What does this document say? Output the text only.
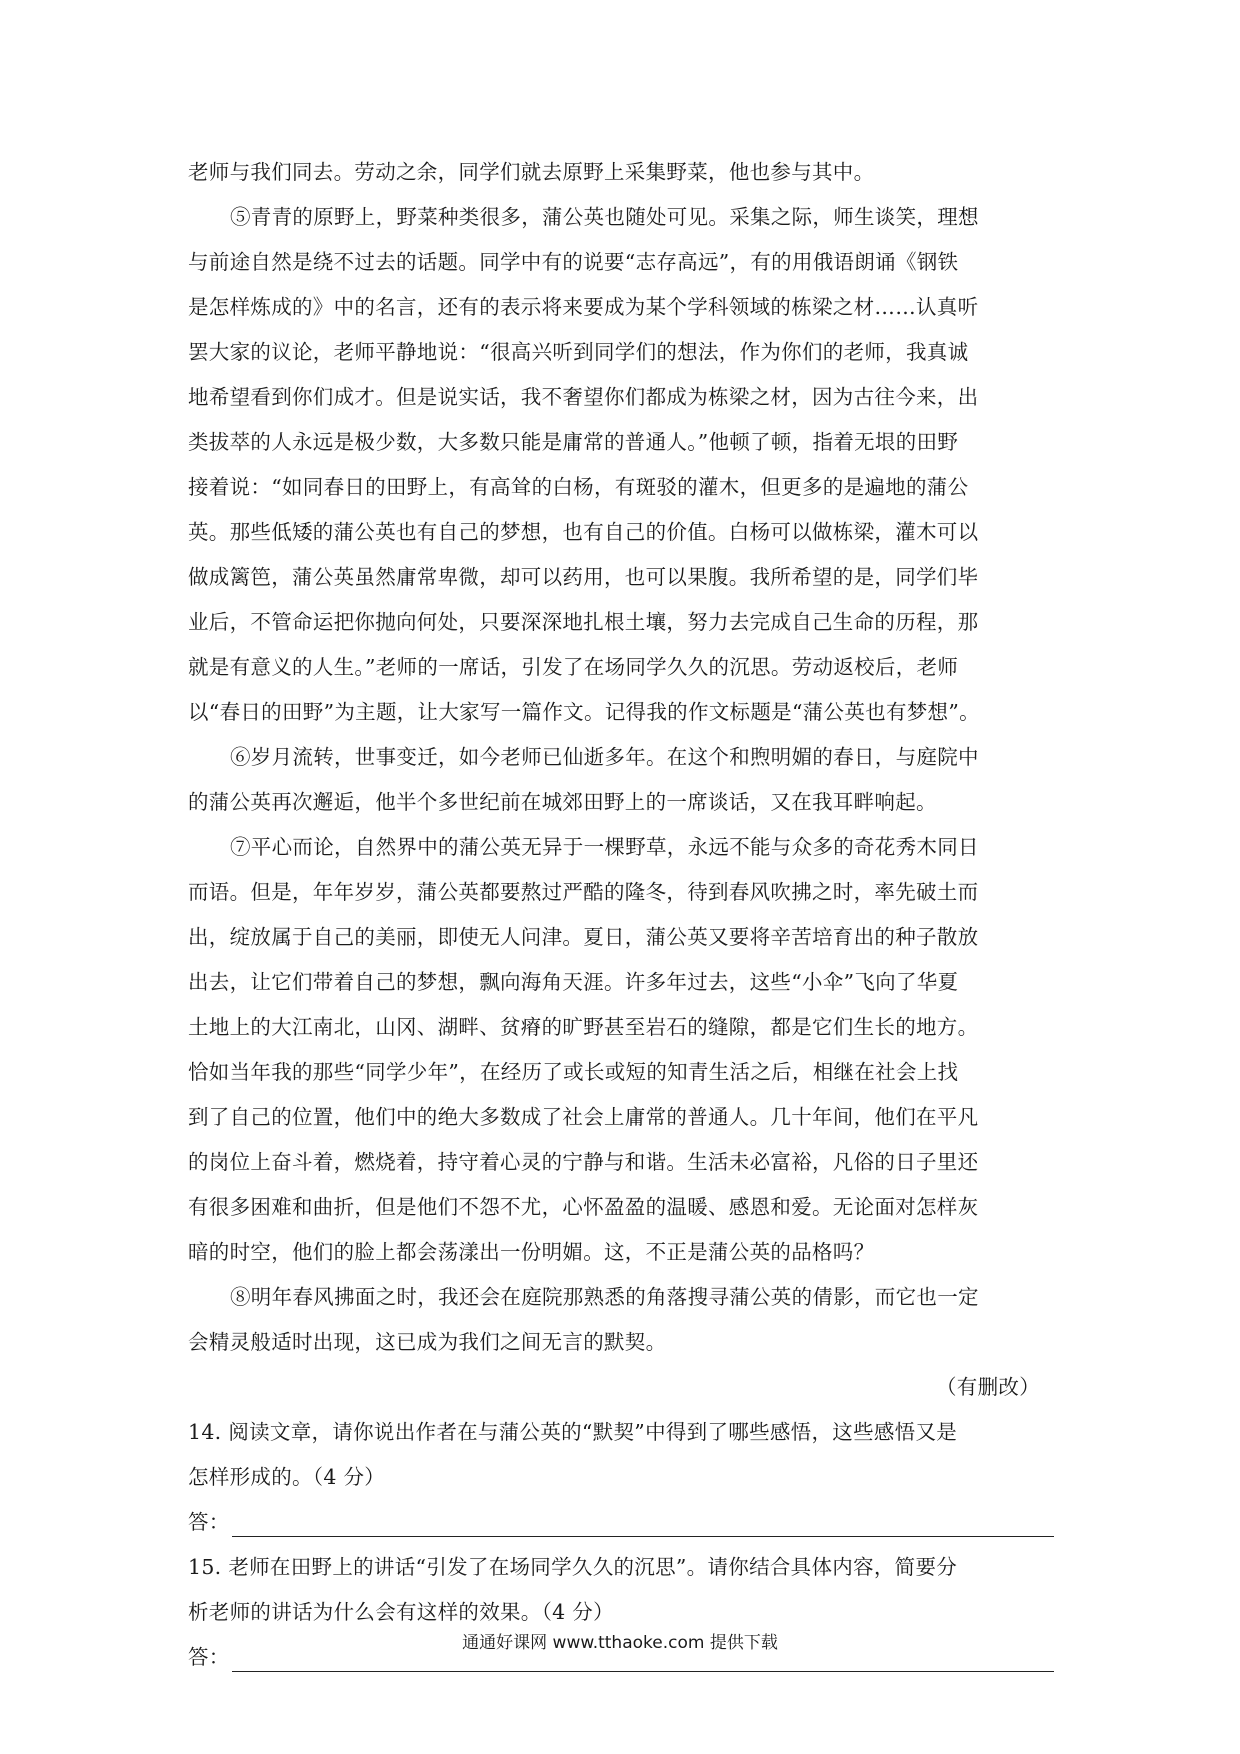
老师与我们同去。劳动之余，同学们就去原野上采集野菜，他也参与其中。
⑤青青的原野上，野菜种类很多，蒲公英也随处可见。采集之际，师生谈笑，理想
与前途自然是绕不过去的话题。同学中有的说要“志存高远”，有的用俄语朗诵《钢铁
是怎样炼成的》中的名言，还有的表示将来要成为某个学科领域的栋梁之材……认真听
罢大家的议论，老师平静地说：“很高兴听到同学们的想法，作为你们的老师，我真诚
地希望看到你们成才。但是说实话，我不奢望你们都成为栋梁之材，因为古往今来，出
类拔萃的人永远是极少数，大多数只能是庸常的普通人。”他顿了顿，指着无垠的田野
接着说：“如同春日的田野上，有高耸的白杨，有斑驳的灌木，但更多的是遍地的蒲公
英。那些低矮的蒲公英也有自己的梦想，也有自己的价值。白杨可以做栋梁，灌木可以
做成篱笆，蒲公英虽然庸常卑微，却可以药用，也可以果腹。我所希望的是，同学们毕
业后，不管命运把你抛向何处，只要深深地扎根土壤，努力去完成自己生命的历程，那
就是有意义的人生。”老师的一席话，引发了在场同学久久的沉思。劳动返校后，老师
以“春日的田野”为主题，让大家写一篇作文。记得我的作文标题是“蒲公英也有梦想”。
⑥岁月流转，世事变迁，如今老师已仙逝多年。在这个和煦明媚的春日，与庭院中
的蒲公英再次邂逅，他半个多世纪前在城郊田野上的一席谈话，又在我耳畔响起。
⑦平心而论，自然界中的蒲公英无异于一棵野草，永远不能与众多的奇花秀木同日
而语。但是，年年岁岁，蒲公英都要熬过严酷的隆冬，待到春风吹拂之时，率先破土而
出，绽放属于自己的美丽，即使无人问津。夏日，蒲公英又要将辛苦培育出的种子散放
出去，让它们带着自己的梦想，飘向海角天涯。许多年过去，这些“小伞”飞向了华夏
土地上的大江南北，山冈、湖畔、贫瘠的旷野甚至岩石的缝隙，都是它们生长的地方。
恰如当年我的那些“同学少年”，在经历了或长或短的知青生活之后，相继在社会上找
到了自己的位置，他们中的绝大多数成了社会上庸常的普通人。几十年间，他们在平凡
的岗位上奋斗着，燃烧着，持守着心灵的宁静与和谐。生活未必富裕，凡俗的日子里还
有很多困难和曲折，但是他们不怨不尤，心怀盈盈的温暖、感恩和爱。无论面对怎样灰
暗的时空，他们的脸上都会荡漾出一份明媚。这，不正是蒲公英的品格吗？
⑧明年春风拂面之时，我还会在庭院那熟悉的角落搜寻蒲公英的倩影，而它也一定
会精灵般适时出现，这已成为我们之间无言的默契。
（有删改）
14. 阅读文章，请你说出作者在与蒲公英的“默契”中得到了哪些感悟，这些感悟又是
怎样形成的。（4 分）
答：
15. 老师在田野上的讲话“引发了在场同学久久的沉思”。请你结合具体内容，简要分
析老师的讲话为什么会有这样的效果。（4 分）
答：
通通好课网 www.tthaoke.com 提供下载
